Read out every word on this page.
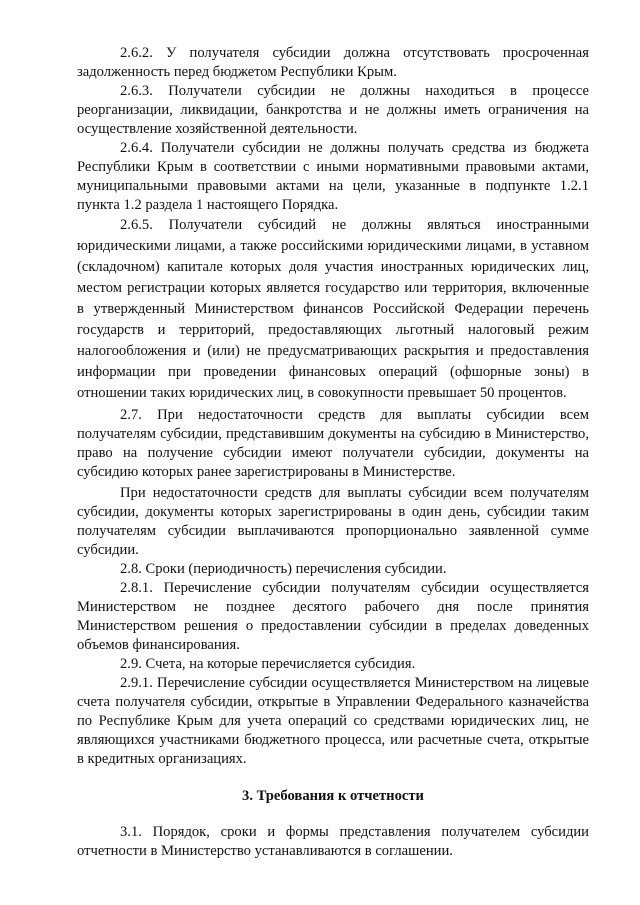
2.6.2. У получателя субсидии должна отсутствовать просроченная задолженность перед бюджетом Республики Крым.

2.6.3. Получатели субсидии не должны находиться в процессе реорганизации, ликвидации, банкротства и не должны иметь ограничения на осуществление хозяйственной деятельности.

2.6.4. Получатели субсидии не должны получать средства из бюджета Республики Крым в соответствии с иными нормативными правовыми актами, муниципальными правовыми актами на цели, указанные в подпункте 1.2.1 пункта 1.2 раздела 1 настоящего Порядка.

2.6.5. Получатели субсидий не должны являться иностранными юридическими лицами, а также российскими юридическими лицами, в уставном (складочном) капитале которых доля участия иностранных юридических лиц, местом регистрации которых является государство или территория, включенные в утвержденный Министерством финансов Российской Федерации перечень государств и территорий, предоставляющих льготный налоговый режим налогообложения и (или) не предусматривающих раскрытия и предоставления информации при проведении финансовых операций (офшорные зоны) в отношении таких юридических лиц, в совокупности превышает 50 процентов.

2.7. При недостаточности средств для выплаты субсидии всем получателям субсидии, представившим документы на субсидию в Министерство, право на получение субсидии имеют получатели субсидии, документы на субсидию которых ранее зарегистрированы в Министерстве.

При недостаточности средств для выплаты субсидии всем получателям субсидии, документы которых зарегистрированы в один день, субсидии таким получателям субсидии выплачиваются пропорционально заявленной сумме субсидии.

2.8. Сроки (периодичность) перечисления субсидии.

2.8.1. Перечисление субсидии получателям субсидии осуществляется Министерством не позднее десятого рабочего дня после принятия Министерством решения о предоставлении субсидии в пределах доведенных объемов финансирования.

2.9. Счета, на которые перечисляется субсидия.

2.9.1. Перечисление субсидии осуществляется Министерством на лицевые счета получателя субсидии, открытые в Управлении Федерального казначейства по Республике Крым для учета операций со средствами юридических лиц, не являющихся участниками бюджетного процесса, или расчетные счета, открытые в кредитных организациях.

3. Требования к отчетности

3.1. Порядок, сроки и формы представления получателем субсидии отчетности в Министерство устанавливаются в соглашении.
